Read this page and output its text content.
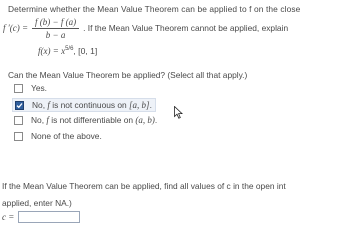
Determine whether the Mean Value Theorem can be applied to f on the close
f $'(c) = \frac{f (b) - f (a)}{b - a}$ . If the Mean Value Theorem cannot be applied, explain
$f(x) = x^{5/6}$, [0, 1]
Can the Mean Value Theorem be applied? (Select all that apply.)
Yes.
No, f is not continuous on [a, b].
No, f is not differentiable on (a, b).
None of the above.
If the Mean Value Theorem can be applied, find all values of c in the open int
applied, enter NA.)
c =
